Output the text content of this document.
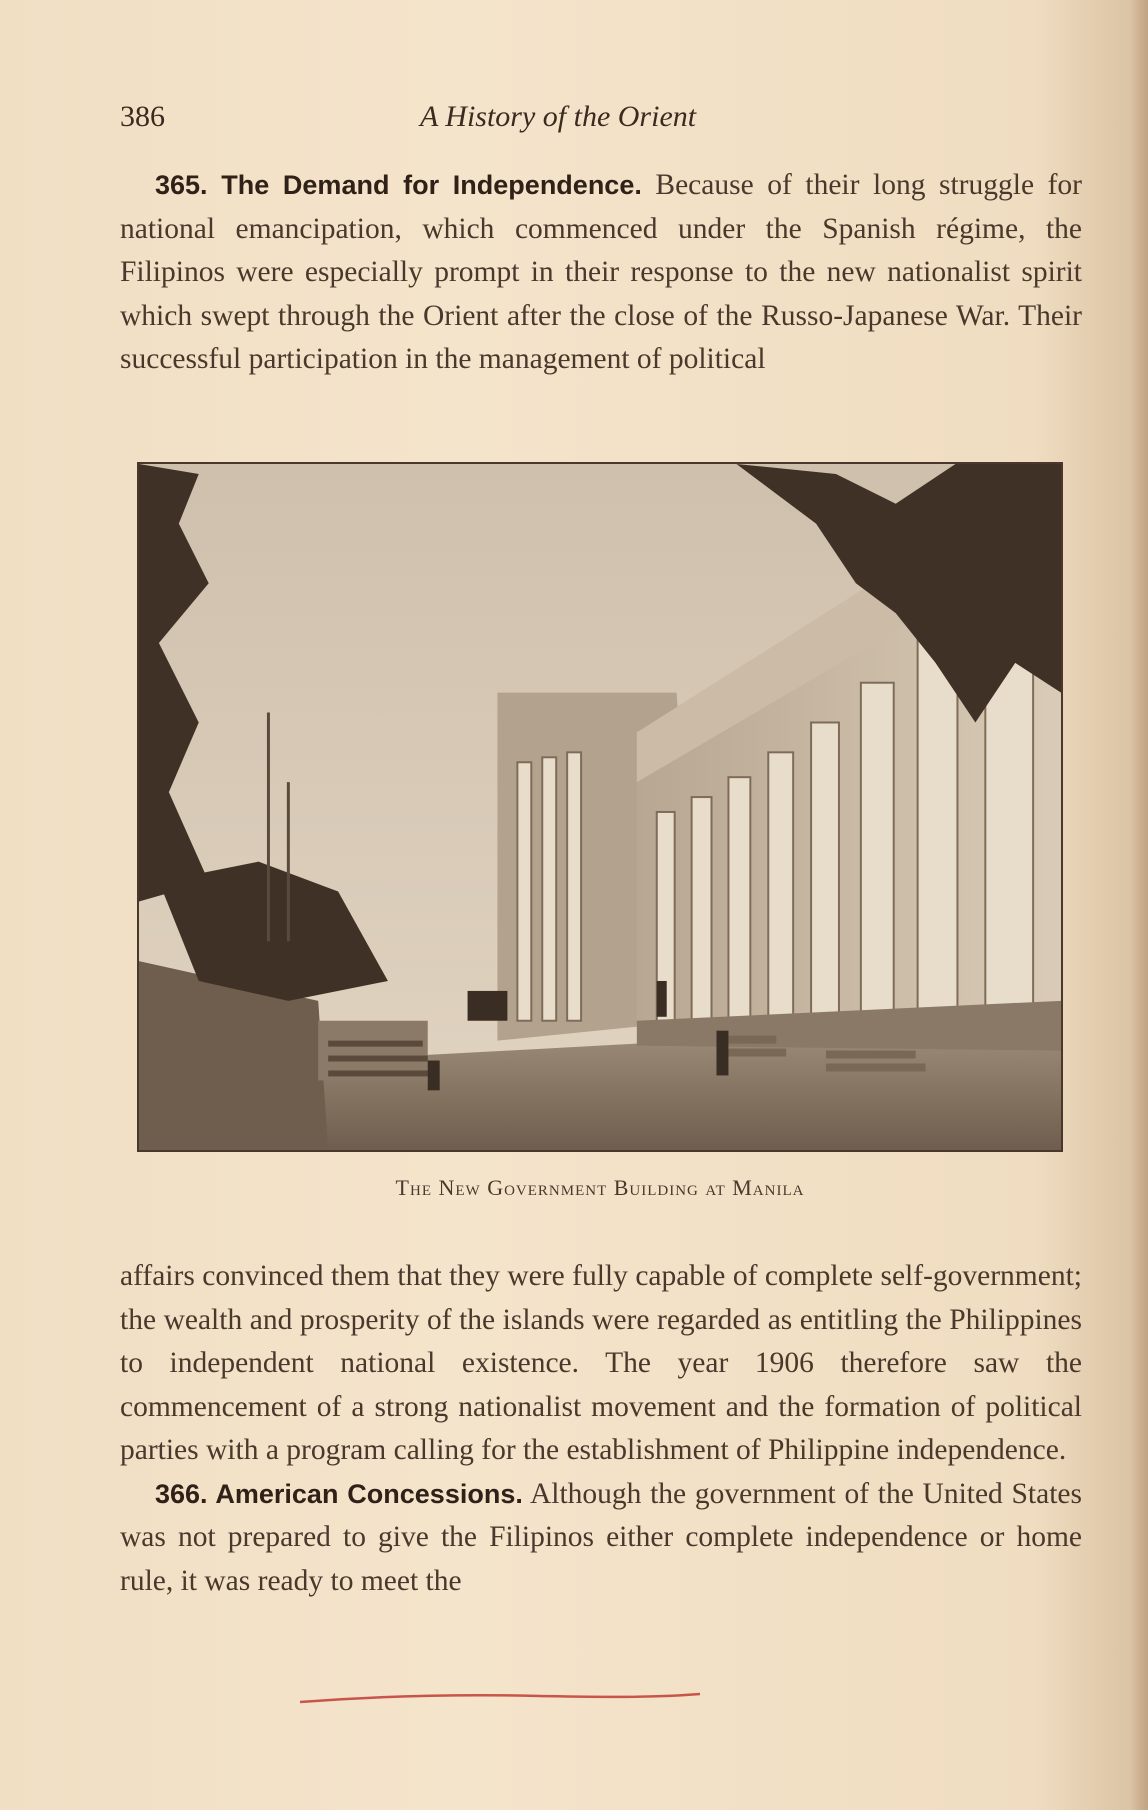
386	A History of the Orient

365. The Demand for Independence. Because of their long struggle for national emancipation, which commenced under the Spanish régime, the Filipinos were especially prompt in their response to the new nationalist spirit which swept through the Orient after the close of the Russo-Japanese War. Their successful participation in the management of political

The New Government Building at Manila

affairs convinced them that they were fully capable of complete self-government; the wealth and prosperity of the islands were regarded as entitling the Philippines to independent national existence. The year 1906 therefore saw the commencement of a strong nationalist movement and the formation of political parties with a program calling for the establishment of Philippine independence.

366. American Concessions. Although the government of the United States was not prepared to give the Filipinos either complete independence or home rule, it was ready to meet the
